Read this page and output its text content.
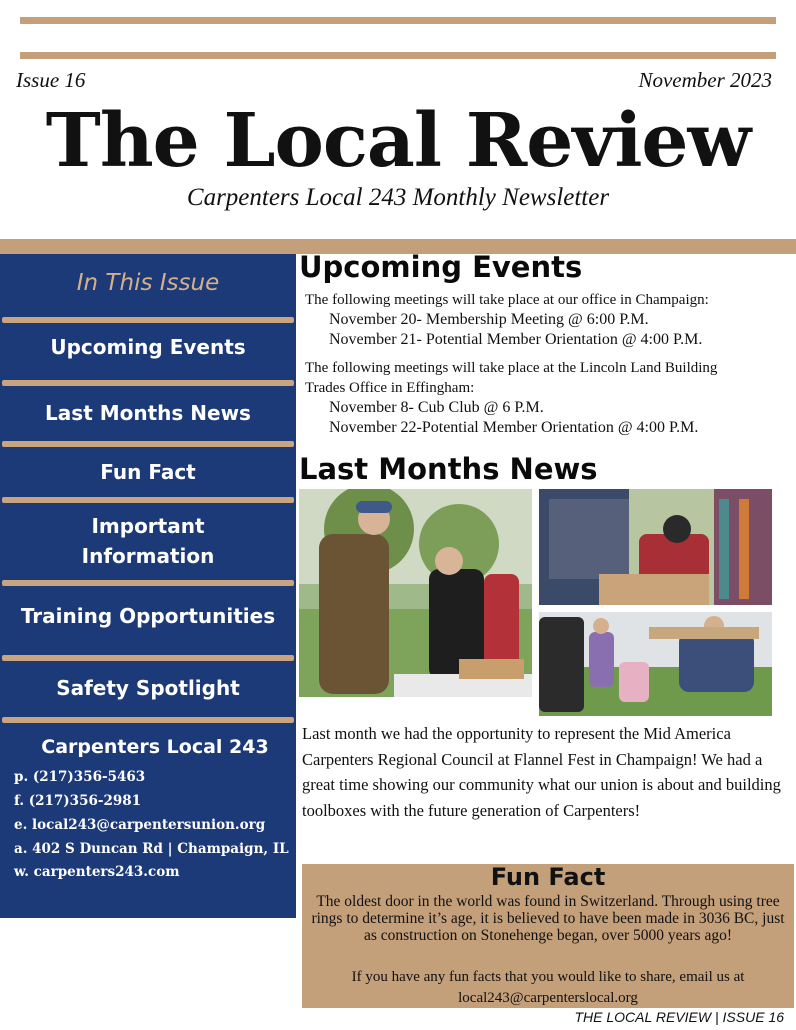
Issue 16	November 2023
The Local Review
Carpenters Local 243 Monthly Newsletter
In This Issue
Upcoming Events
Last Months News
Fun Fact
Important
Information
Training Opportunities
Safety Spotlight
Carpenters Local 243
p. (217)356-5463
f. (217)356-2981
e. local243@carpentersunion.org
a. 402 S Duncan Rd | Champaign, IL
w. carpenters243.com
Upcoming Events
The following meetings will take place at our office in Champaign:
November 20- Membership Meeting @ 6:00 P.M.
November 21- Potential Member Orientation @ 4:00 P.M.
The following meetings will take place at the Lincoln Land Building
Trades Office in Effingham:
November 8- Cub Club @ 6 P.M.
November 22-Potential Member Orientation @ 4:00 P.M.
Last Months News
Last month we had the opportunity to represent the Mid America Carpenters Regional Council at Flannel Fest in Champaign! We had a great time showing our community what our union is about and building toolboxes with the future generation of Carpenters!
Fun Fact
The oldest door in the world was found in Switzerland. Through using tree rings to determine it’s age, it is believed to have been made in 3036 BC, just as construction on Stonehenge began, over 5000 years ago!
If you have any fun facts that you would like to share, email us at
local243@carpenterslocal.org
THE LOCAL REVIEW | ISSUE 16
